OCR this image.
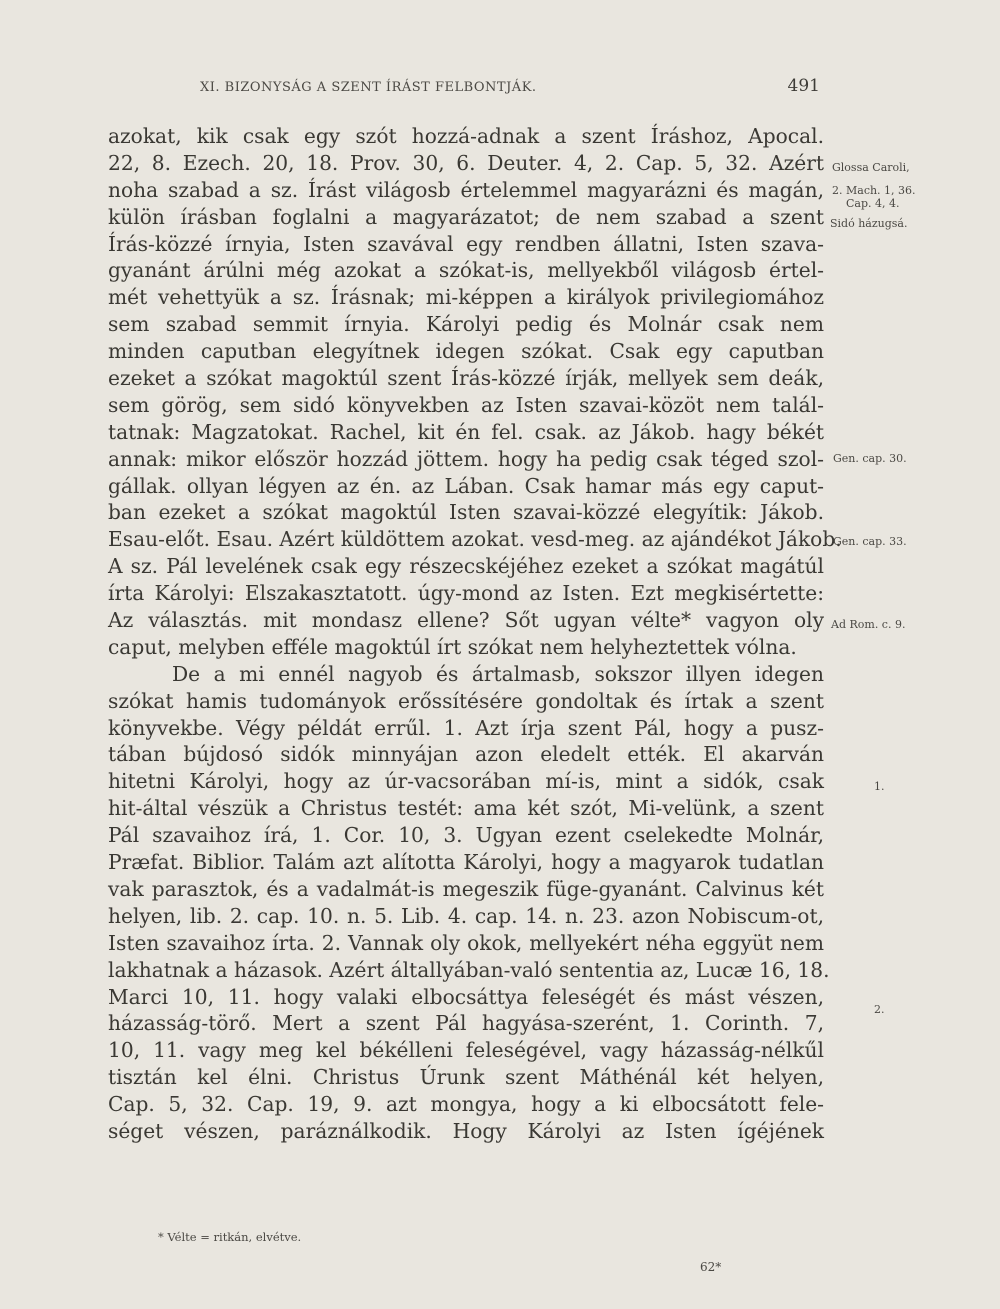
XI. BIZONYSÁG A SZENT ÍRÁST FELBONTJÁK.	491
azokat, kik csak egy szót hozzá-adnak a szent Íráshoz, Apocal.
22, 8. Ezech. 20, 18. Prov. 30, 6. Deuter. 4, 2. Cap. 5, 32. Azért
noha szabad a sz. Írást világosb értelemmel magyarázni és magán,
külön írásban foglalni a magyarázatot; de nem szabad a szent
Írás-közzé írnyia, Isten szavával egy rendben állatni, Isten szava-
gyanánt árúlni még azokat a szókat-is, mellyekből világosb értel-
mét vehettyük a sz. Írásnak; mi-képpen a királyok privilegiomához
sem szabad semmit írnyia. Károlyi pedig és Molnár csak nem
minden caputban elegyítnek idegen szókat. Csak egy caputban
ezeket a szókat magoktúl szent Írás-közzé írják, mellyek sem deák,
sem görög, sem sidó könyvekben az Isten szavai-közöt nem talál-
tatnak: Magzatokat. Rachel, kit én fel. csak. az Jákob. hagy békét
annak: mikor először hozzád jöttem. hogy ha pedig csak téged szol-
gállak. ollyan légyen az én. az Lában. Csak hamar más egy caput-
ban ezeket a szókat magoktúl Isten szavai-közzé elegyítik: Jákob.
Esau-előt. Esau. Azért küldöttem azokat. vesd-meg. az ajándékot Jákob.
A sz. Pál levelének csak egy részecskéjéhez ezeket a szókat magátúl
írta Károlyi: Elszakasztatott. úgy-mond az Isten. Ezt megkisértette:
Az választás. mit mondasz ellene? Sőt ugyan vélte* vagyon oly
caput, melyben efféle magoktúl írt szókat nem helyheztettek vólna.
De a mi ennél nagyob és ártalmasb, sokszor illyen idegen
szókat hamis tudományok erőssítésére gondoltak és írtak a szent
könyvekbe. Végy példát errűl. 1. Azt írja szent Pál, hogy a pusz-
tában bújdosó sidók minnyájan azon eledelt ették. El akarván
hitetni Károlyi, hogy az úr-vacsorában mí-is, mint a sidók, csak
hit-által vészük a Christus testét: ama két szót, Mi-velünk, a szent
Pál szavaihoz írá, 1. Cor. 10, 3. Ugyan ezent cselekedte Molnár,
Præfat. Biblior. Talám azt alította Károlyi, hogy a magyarok tudatlan
vak parasztok, és a vadalmát-is megeszik füge-gyanánt. Calvinus két
helyen, lib. 2. cap. 10. n. 5. Lib. 4. cap. 14. n. 23. azon Nobiscum-ot,
Isten szavaihoz írta. 2. Vannak oly okok, mellyekért néha eggyüt nem
lakhatnak a házasok. Azért általlyában-való sententia az, Lucæ 16, 18.
Marci 10, 11. hogy valaki elbocsáttya feleségét és mást vészen,
házasság-törő. Mert a szent Pál hagyása-szerént, 1. Corinth. 7,
10, 11. vagy meg kel békélleni feleségével, vagy házasság-nélkűl
tisztán kel élni. Christus Úrunk szent Máthénál két helyen,
Cap. 5, 32. Cap. 19, 9. azt mongya, hogy a ki elbocsátott fele-
séget vészen, paráználkodik. Hogy Károlyi az Isten ígéjének
Glossa Caroli,
2. Mach. 1, 36.
Cap. 4, 4.
Sidó házugsá.
Gen. cap. 30.
Gen. cap. 33.
Ad Rom. c. 9.
1.
2.
* Vélte = ritkán, elvétve.
62*
